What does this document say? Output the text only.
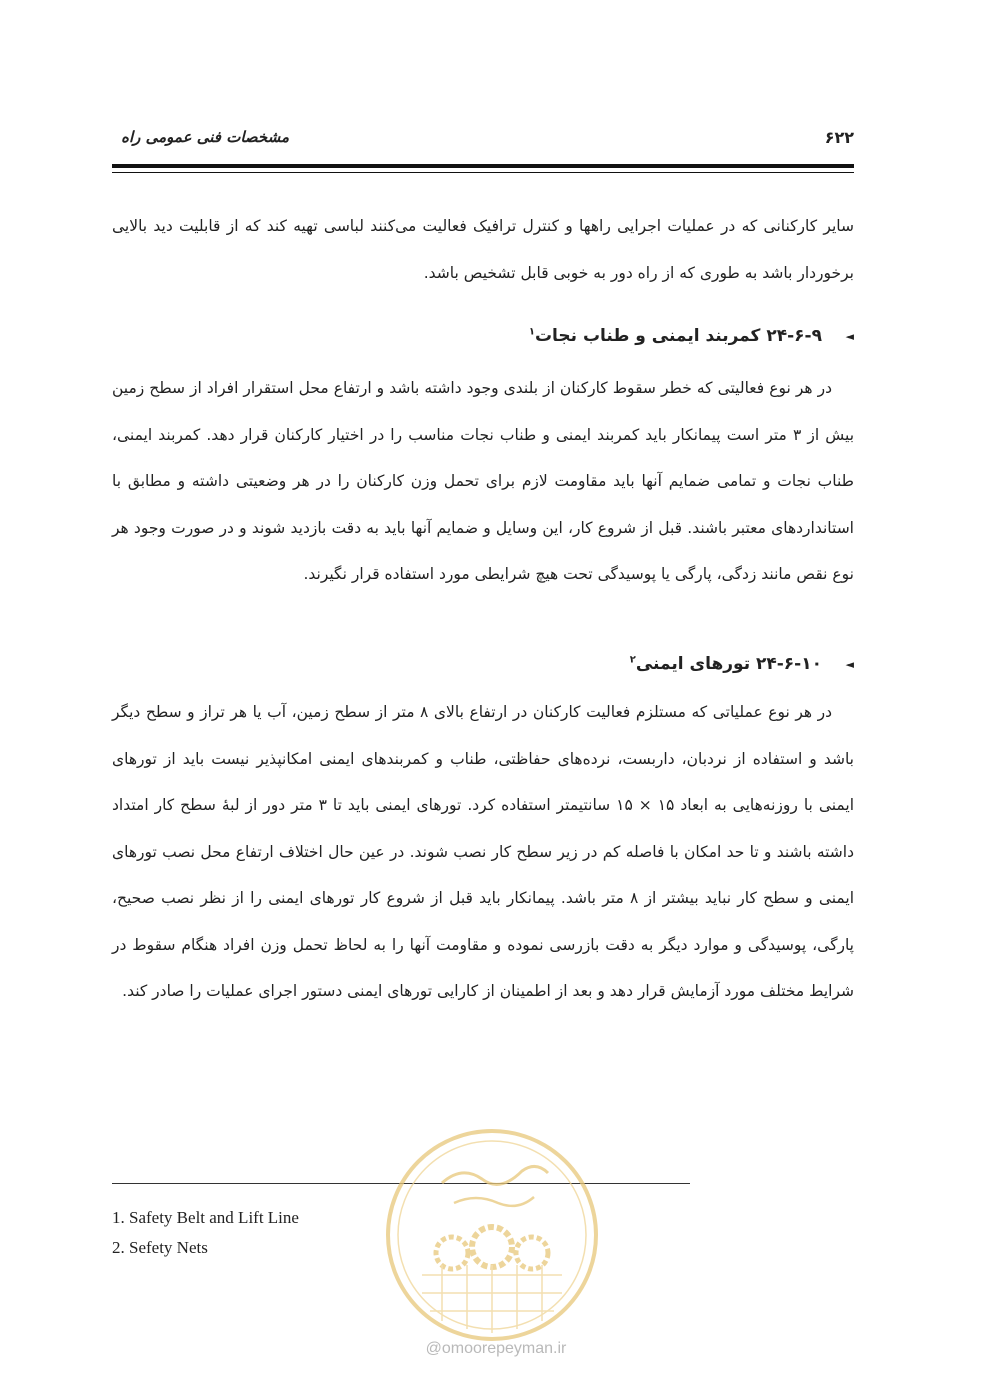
مشخصات فنی عمومی راه	۶۲۲

سایر کارکنانی که در عملیات اجرایی راهها و کنترل ترافیک فعالیت می‌کنند لباسی تهیه کند که از قابلیت دید بالایی برخوردار باشد به طوری که از راه دور به خوبی قابل تشخیص باشد.

◄
۲۴-۶-۹ کمربند ایمنی و طناب نجات$^۱$

در هر نوع فعالیتی که خطر سقوط کارکنان از بلندی وجود داشته باشد و ارتفاع محل استقرار افراد از سطح زمین بیش از ۳ متر است پیمانکار باید کمربند ایمنی و طناب نجات مناسب را در اختیار کارکنان قرار دهد. کمربند ایمنی، طناب نجات و تمامی ضمایم آنها باید مقاومت لازم برای تحمل وزن کارکنان را در هر وضعیتی داشته و مطابق با استانداردهای معتبر باشند. قبل از شروع کار، این وسایل و ضمایم آنها باید به دقت بازدید شوند و در صورت وجود هر نوع نقص مانند زدگی، پارگی یا پوسیدگی تحت هیچ شرایطی مورد استفاده قرار نگیرند.

◄
۲۴-۶-۱۰ تورهای ایمنی$^۲$

در هر نوع عملیاتی که مستلزم فعالیت کارکنان در ارتفاع بالای ۸ متر از سطح زمین، آب یا هر تراز و سطح دیگر باشد و استفاده از نردبان، داربست، نرده‌های حفاظتی، طناب و کمربندهای ایمنی امکانپذیر نیست باید از تورهای ایمنی با روزنه‌هایی به ابعاد ۱۵ × ۱۵ سانتیمتر استفاده کرد. تورهای ایمنی باید تا ۳ متر دور از لبهٔ سطح کار امتداد داشته باشند و تا حد امکان با فاصله کم در زیر سطح کار نصب شوند. در عین حال اختلاف ارتفاع محل نصب تورهای ایمنی و سطح کار نباید بیشتر از ۸ متر باشد. پیمانکار باید قبل از شروع کار تورهای ایمنی را از نظر نصب صحیح، پارگی، پوسیدگی و موارد دیگر به دقت بازرسی نموده و مقاومت آنها را به لحاظ تحمل وزن افراد هنگام سقوط در شرایط مختلف مورد آزمایش قرار دهد و بعد از اطمینان از کارایی تورهای ایمنی دستور اجرای عملیات را صادر کند.

1. Safety Belt and Lift Line
2. Sefety Nets
@omoorepeyman.ir
